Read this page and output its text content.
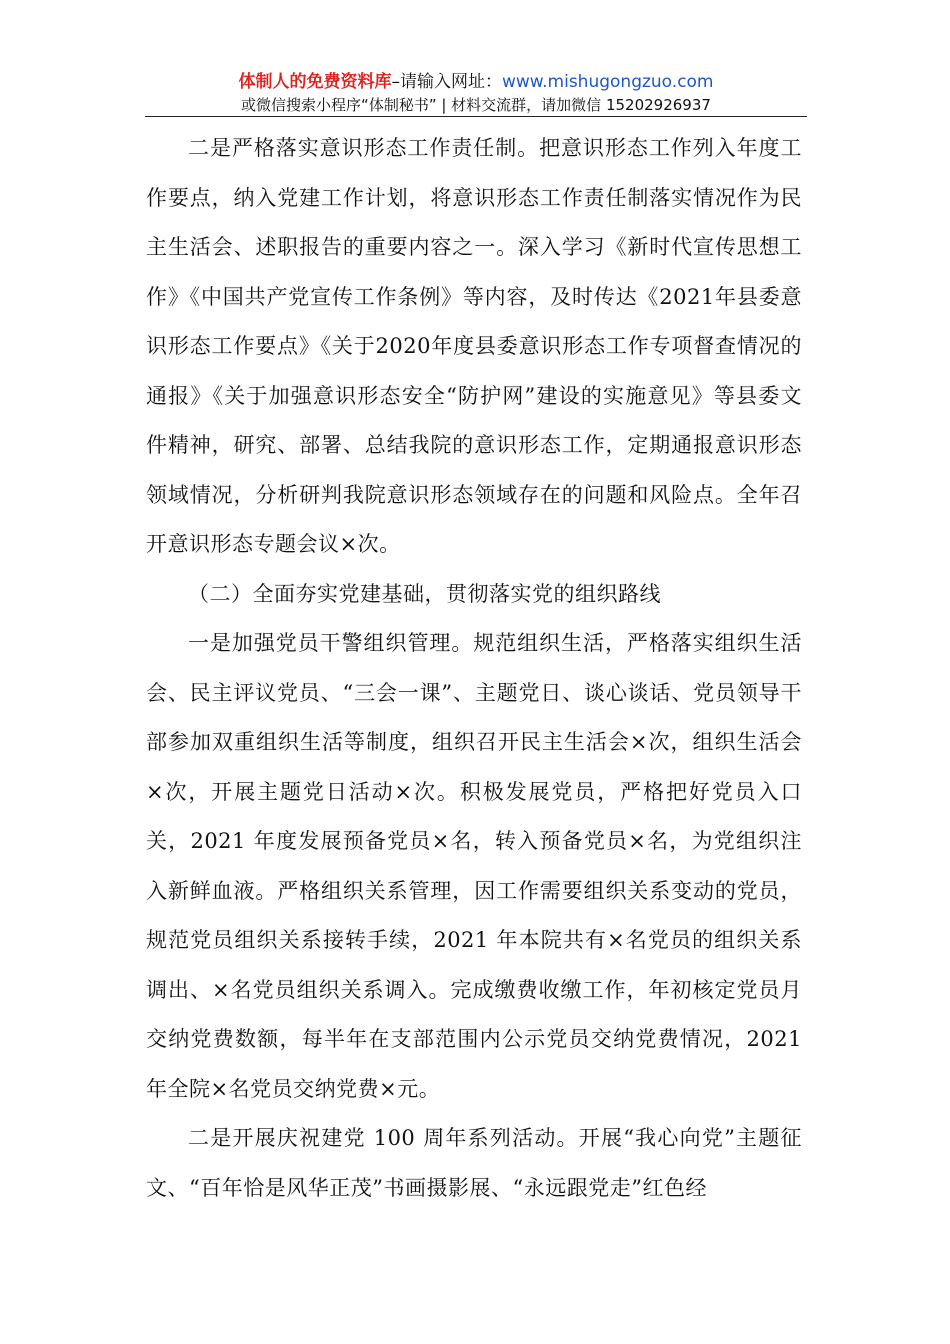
体制人的免费资料库–请输入网址：www.mishugongzuo.com
或微信搜索小程序“体制秘书” | 材料交流群，请加微信 15202926937

二是严格落实意识形态工作责任制。把意识形态工作列入年度工作要点，纳入党建工作计划，将意识形态工作责任制落实情况作为民主生活会、述职报告的重要内容之一。深入学习《新时代宣传思想工作》《中国共产党宣传工作条例》等内容，及时传达《2021年县委意识形态工作要点》《关于2020年度县委意识形态工作专项督查情况的通报》《关于加强意识形态安全“防护网”建设的实施意见》等县委文件精神，研究、部署、总结我院的意识形态工作，定期通报意识形态领域情况，分析研判我院意识形态领域存在的问题和风险点。全年召开意识形态专题会议×次。

（二）全面夯实党建基础，贯彻落实党的组织路线

一是加强党员干警组织管理。规范组织生活，严格落实组织生活会、民主评议党员、“三会一课”、主题党日、谈心谈话、党员领导干部参加双重组织生活等制度，组织召开民主生活会×次，组织生活会×次，开展主题党日活动×次。积极发展党员，严格把好党员入口关，2021 年度发展预备党员×名，转入预备党员×名，为党组织注入新鲜血液。严格组织关系管理，因工作需要组织关系变动的党员，规范党员组织关系接转手续，2021 年本院共有×名党员的组织关系调出、×名党员组织关系调入。完成缴费收缴工作，年初核定党员月交纳党费数额，每半年在支部范围内公示党员交纳党费情况，2021 年全院×名党员交纳党费×元。

二是开展庆祝建党 100 周年系列活动。开展“我心向党”主题征文、“百年恰是风华正茂”书画摄影展、“永远跟党走”红色经
